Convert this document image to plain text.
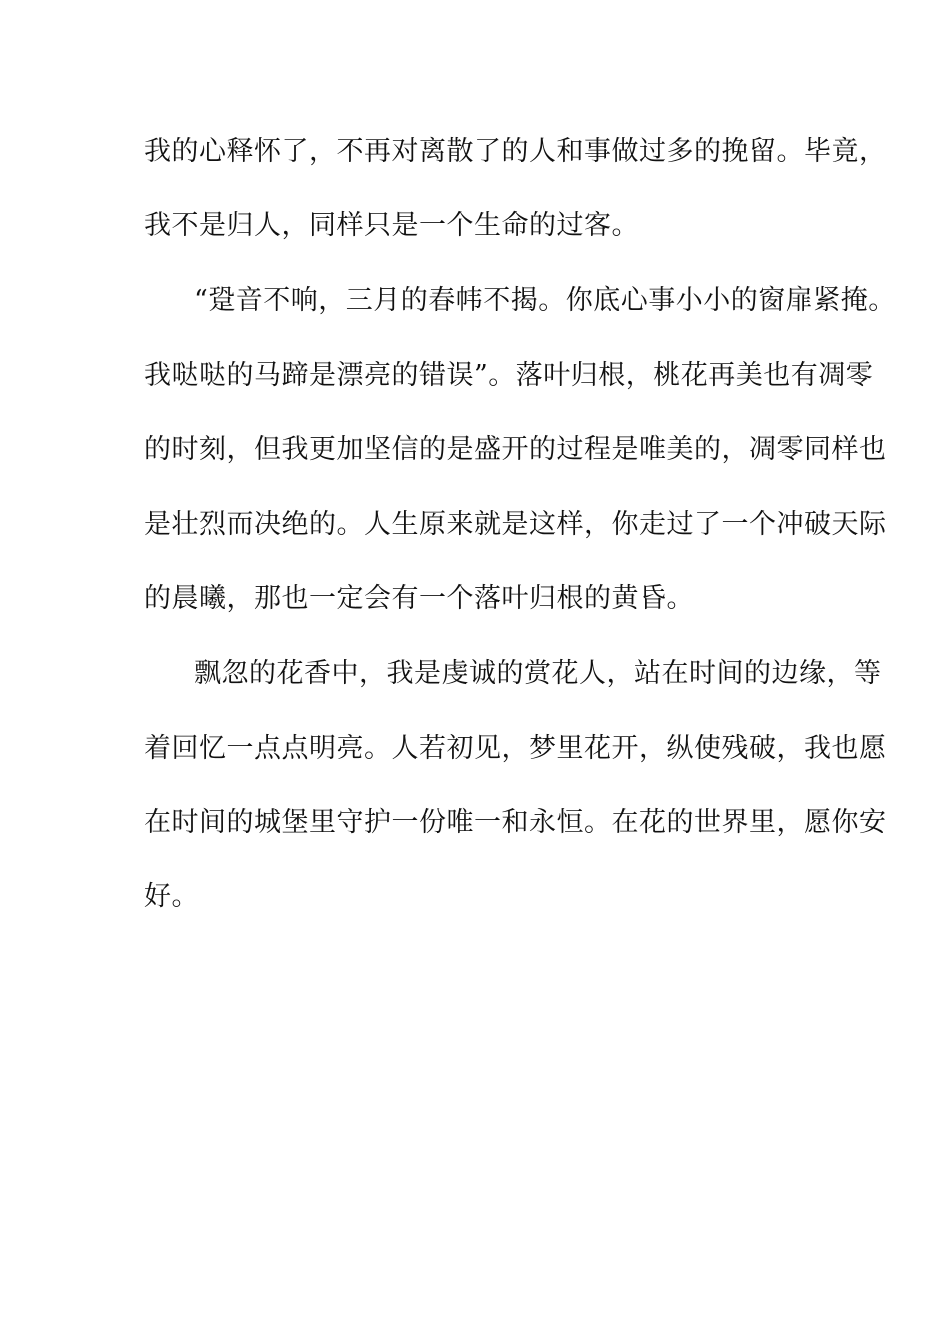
我的心释怀了，不再对离散了的人和事做过多的挽留。毕竟，
我不是归人，同样只是一个生命的过客。
“跫音不响，三月的春帏不揭。你底心事小小的窗扉紧掩。
我哒哒的马蹄是漂亮的错误”。落叶归根，桃花再美也有凋零
的时刻，但我更加坚信的是盛开的过程是唯美的，凋零同样也
是壮烈而决绝的。人生原来就是这样，你走过了一个冲破天际
的晨曦，那也一定会有一个落叶归根的黄昏。
飘忽的花香中，我是虔诚的赏花人，站在时间的边缘，等
着回忆一点点明亮。人若初见，梦里花开，纵使残破，我也愿
在时间的城堡里守护一份唯一和永恒。在花的世界里，愿你安
好。
